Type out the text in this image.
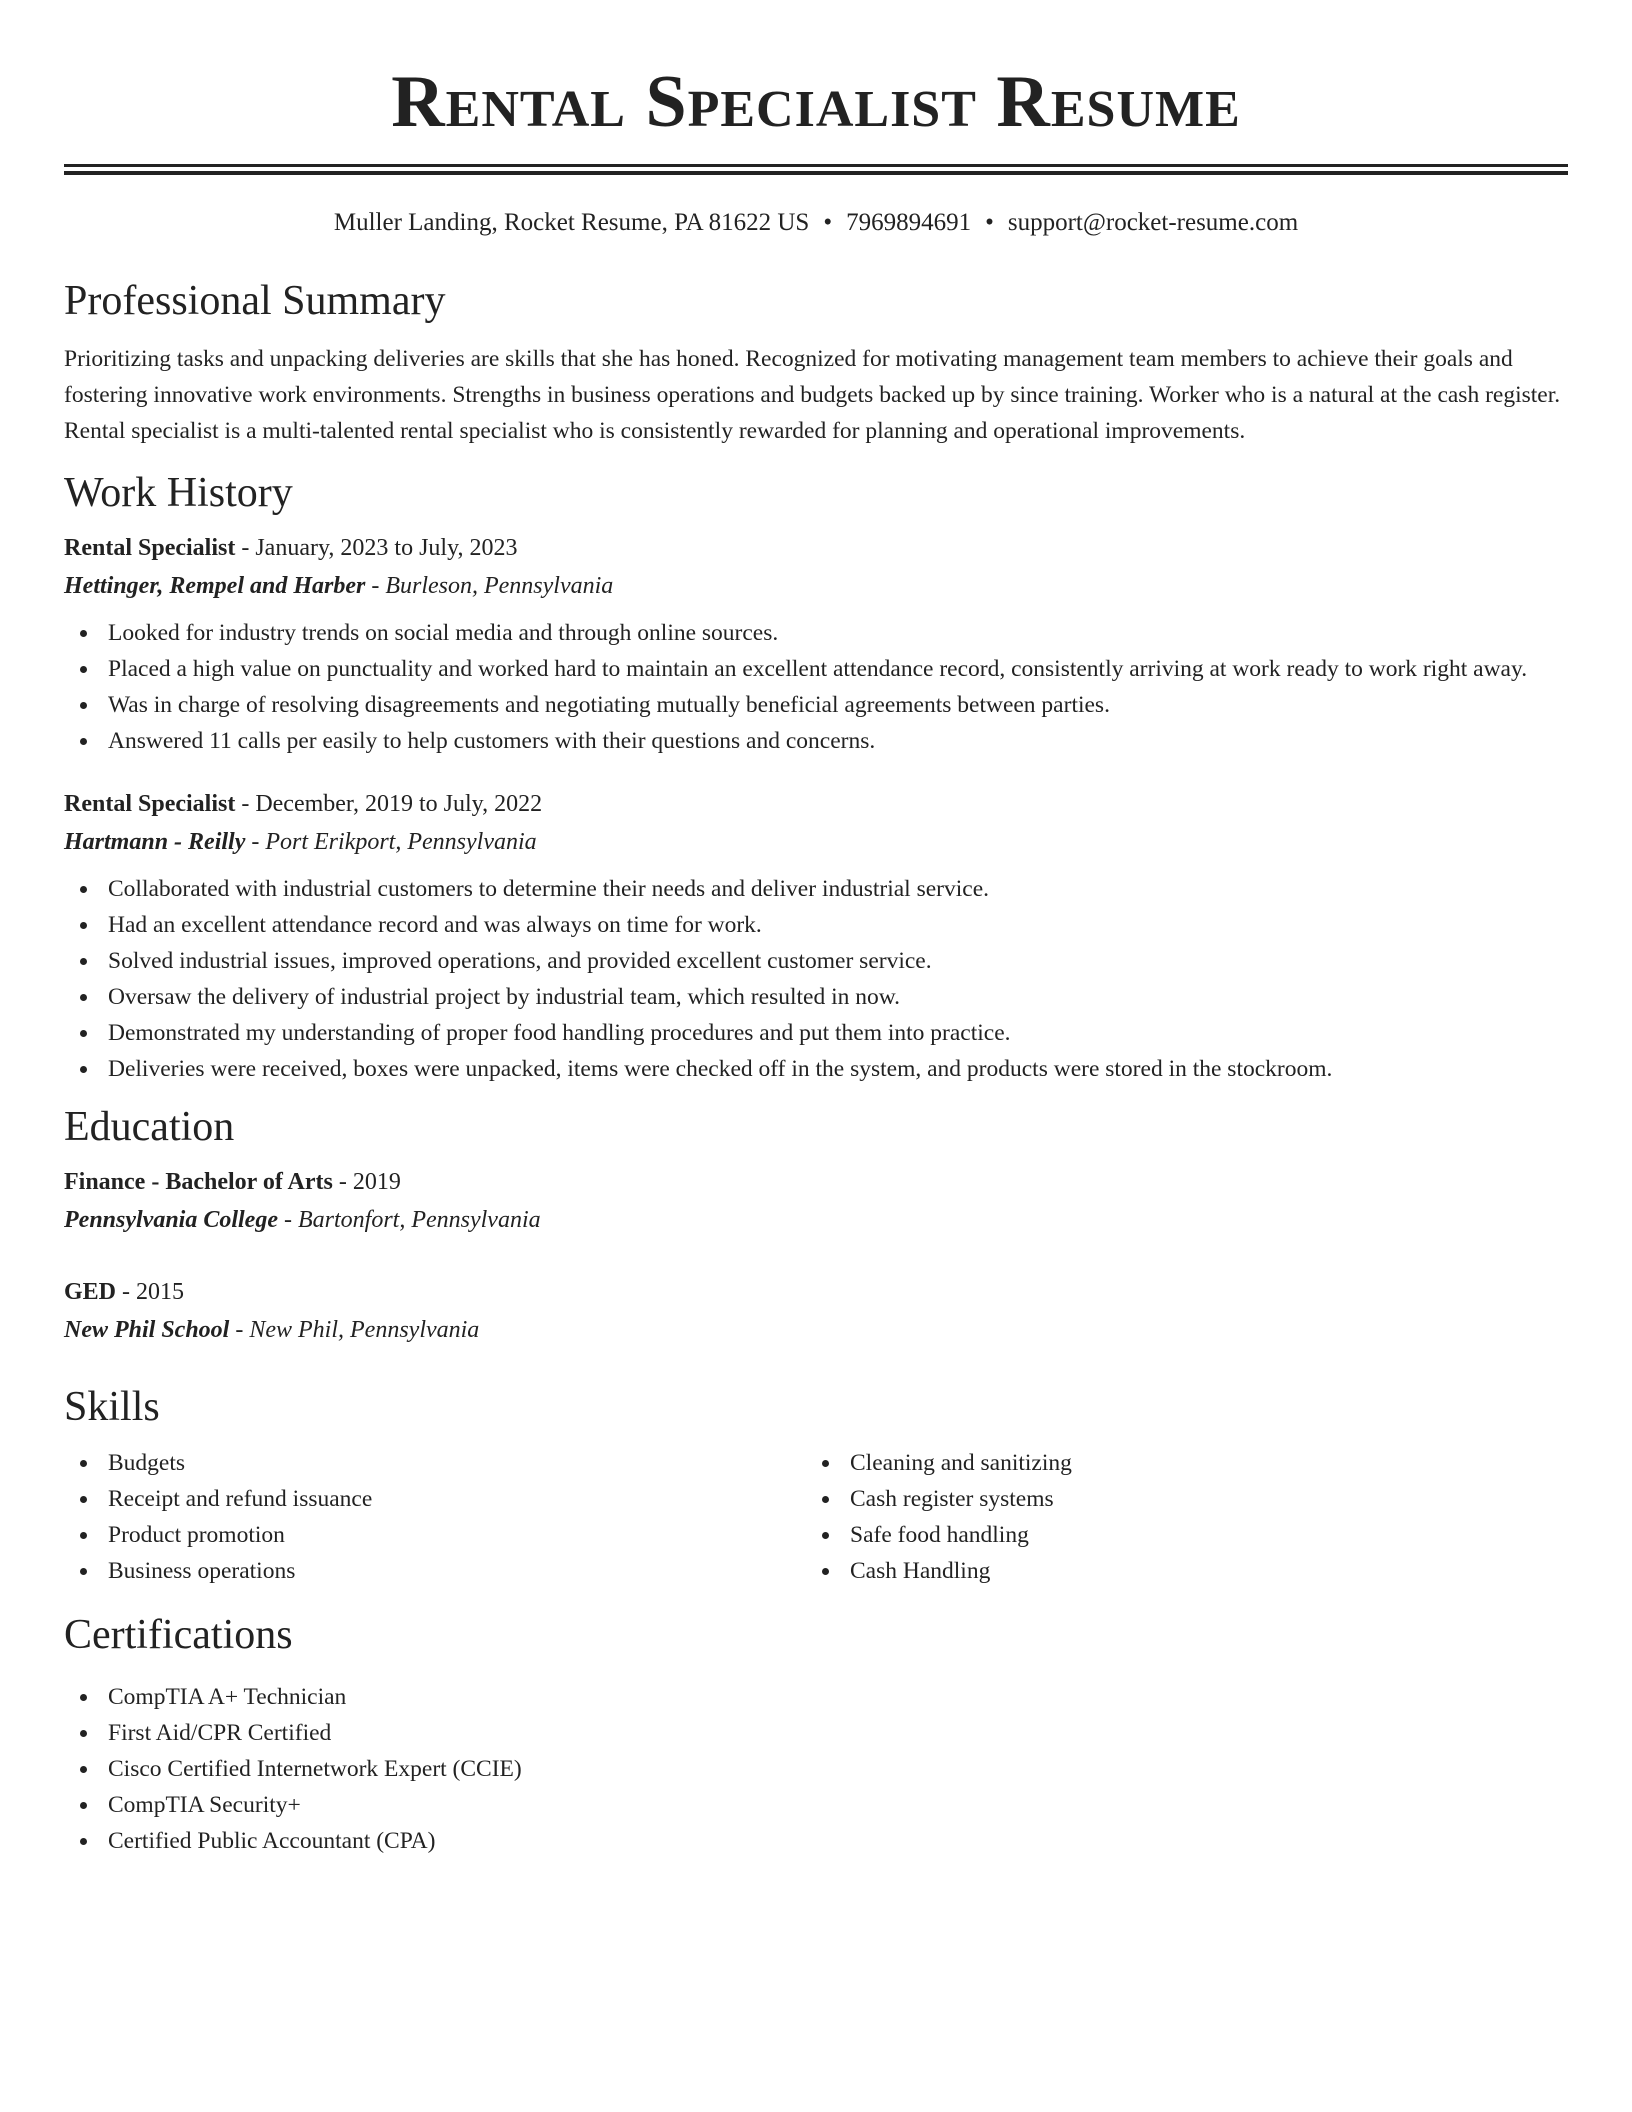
Rental Specialist Resume
Muller Landing, Rocket Resume, PA 81622 US • 7969894691 • support@rocket-resume.com
Professional Summary
Prioritizing tasks and unpacking deliveries are skills that she has honed. Recognized for motivating management team members to achieve their goals and fostering innovative work environments. Strengths in business operations and budgets backed up by since training. Worker who is a natural at the cash register. Rental specialist is a multi-talented rental specialist who is consistently rewarded for planning and operational improvements.
Work History
Rental Specialist - January, 2023 to July, 2023
Hettinger, Rempel and Harber - Burleson, Pennsylvania
Looked for industry trends on social media and through online sources.
Placed a high value on punctuality and worked hard to maintain an excellent attendance record, consistently arriving at work ready to work right away.
Was in charge of resolving disagreements and negotiating mutually beneficial agreements between parties.
Answered 11 calls per easily to help customers with their questions and concerns.
Rental Specialist - December, 2019 to July, 2022
Hartmann - Reilly - Port Erikport, Pennsylvania
Collaborated with industrial customers to determine their needs and deliver industrial service.
Had an excellent attendance record and was always on time for work.
Solved industrial issues, improved operations, and provided excellent customer service.
Oversaw the delivery of industrial project by industrial team, which resulted in now.
Demonstrated my understanding of proper food handling procedures and put them into practice.
Deliveries were received, boxes were unpacked, items were checked off in the system, and products were stored in the stockroom.
Education
Finance - Bachelor of Arts - 2019
Pennsylvania College - Bartonfort, Pennsylvania
GED - 2015
New Phil School - New Phil, Pennsylvania
Skills
Budgets
Receipt and refund issuance
Product promotion
Business operations
Cleaning and sanitizing
Cash register systems
Safe food handling
Cash Handling
Certifications
CompTIA A+ Technician
First Aid/CPR Certified
Cisco Certified Internetwork Expert (CCIE)
CompTIA Security+
Certified Public Accountant (CPA)
